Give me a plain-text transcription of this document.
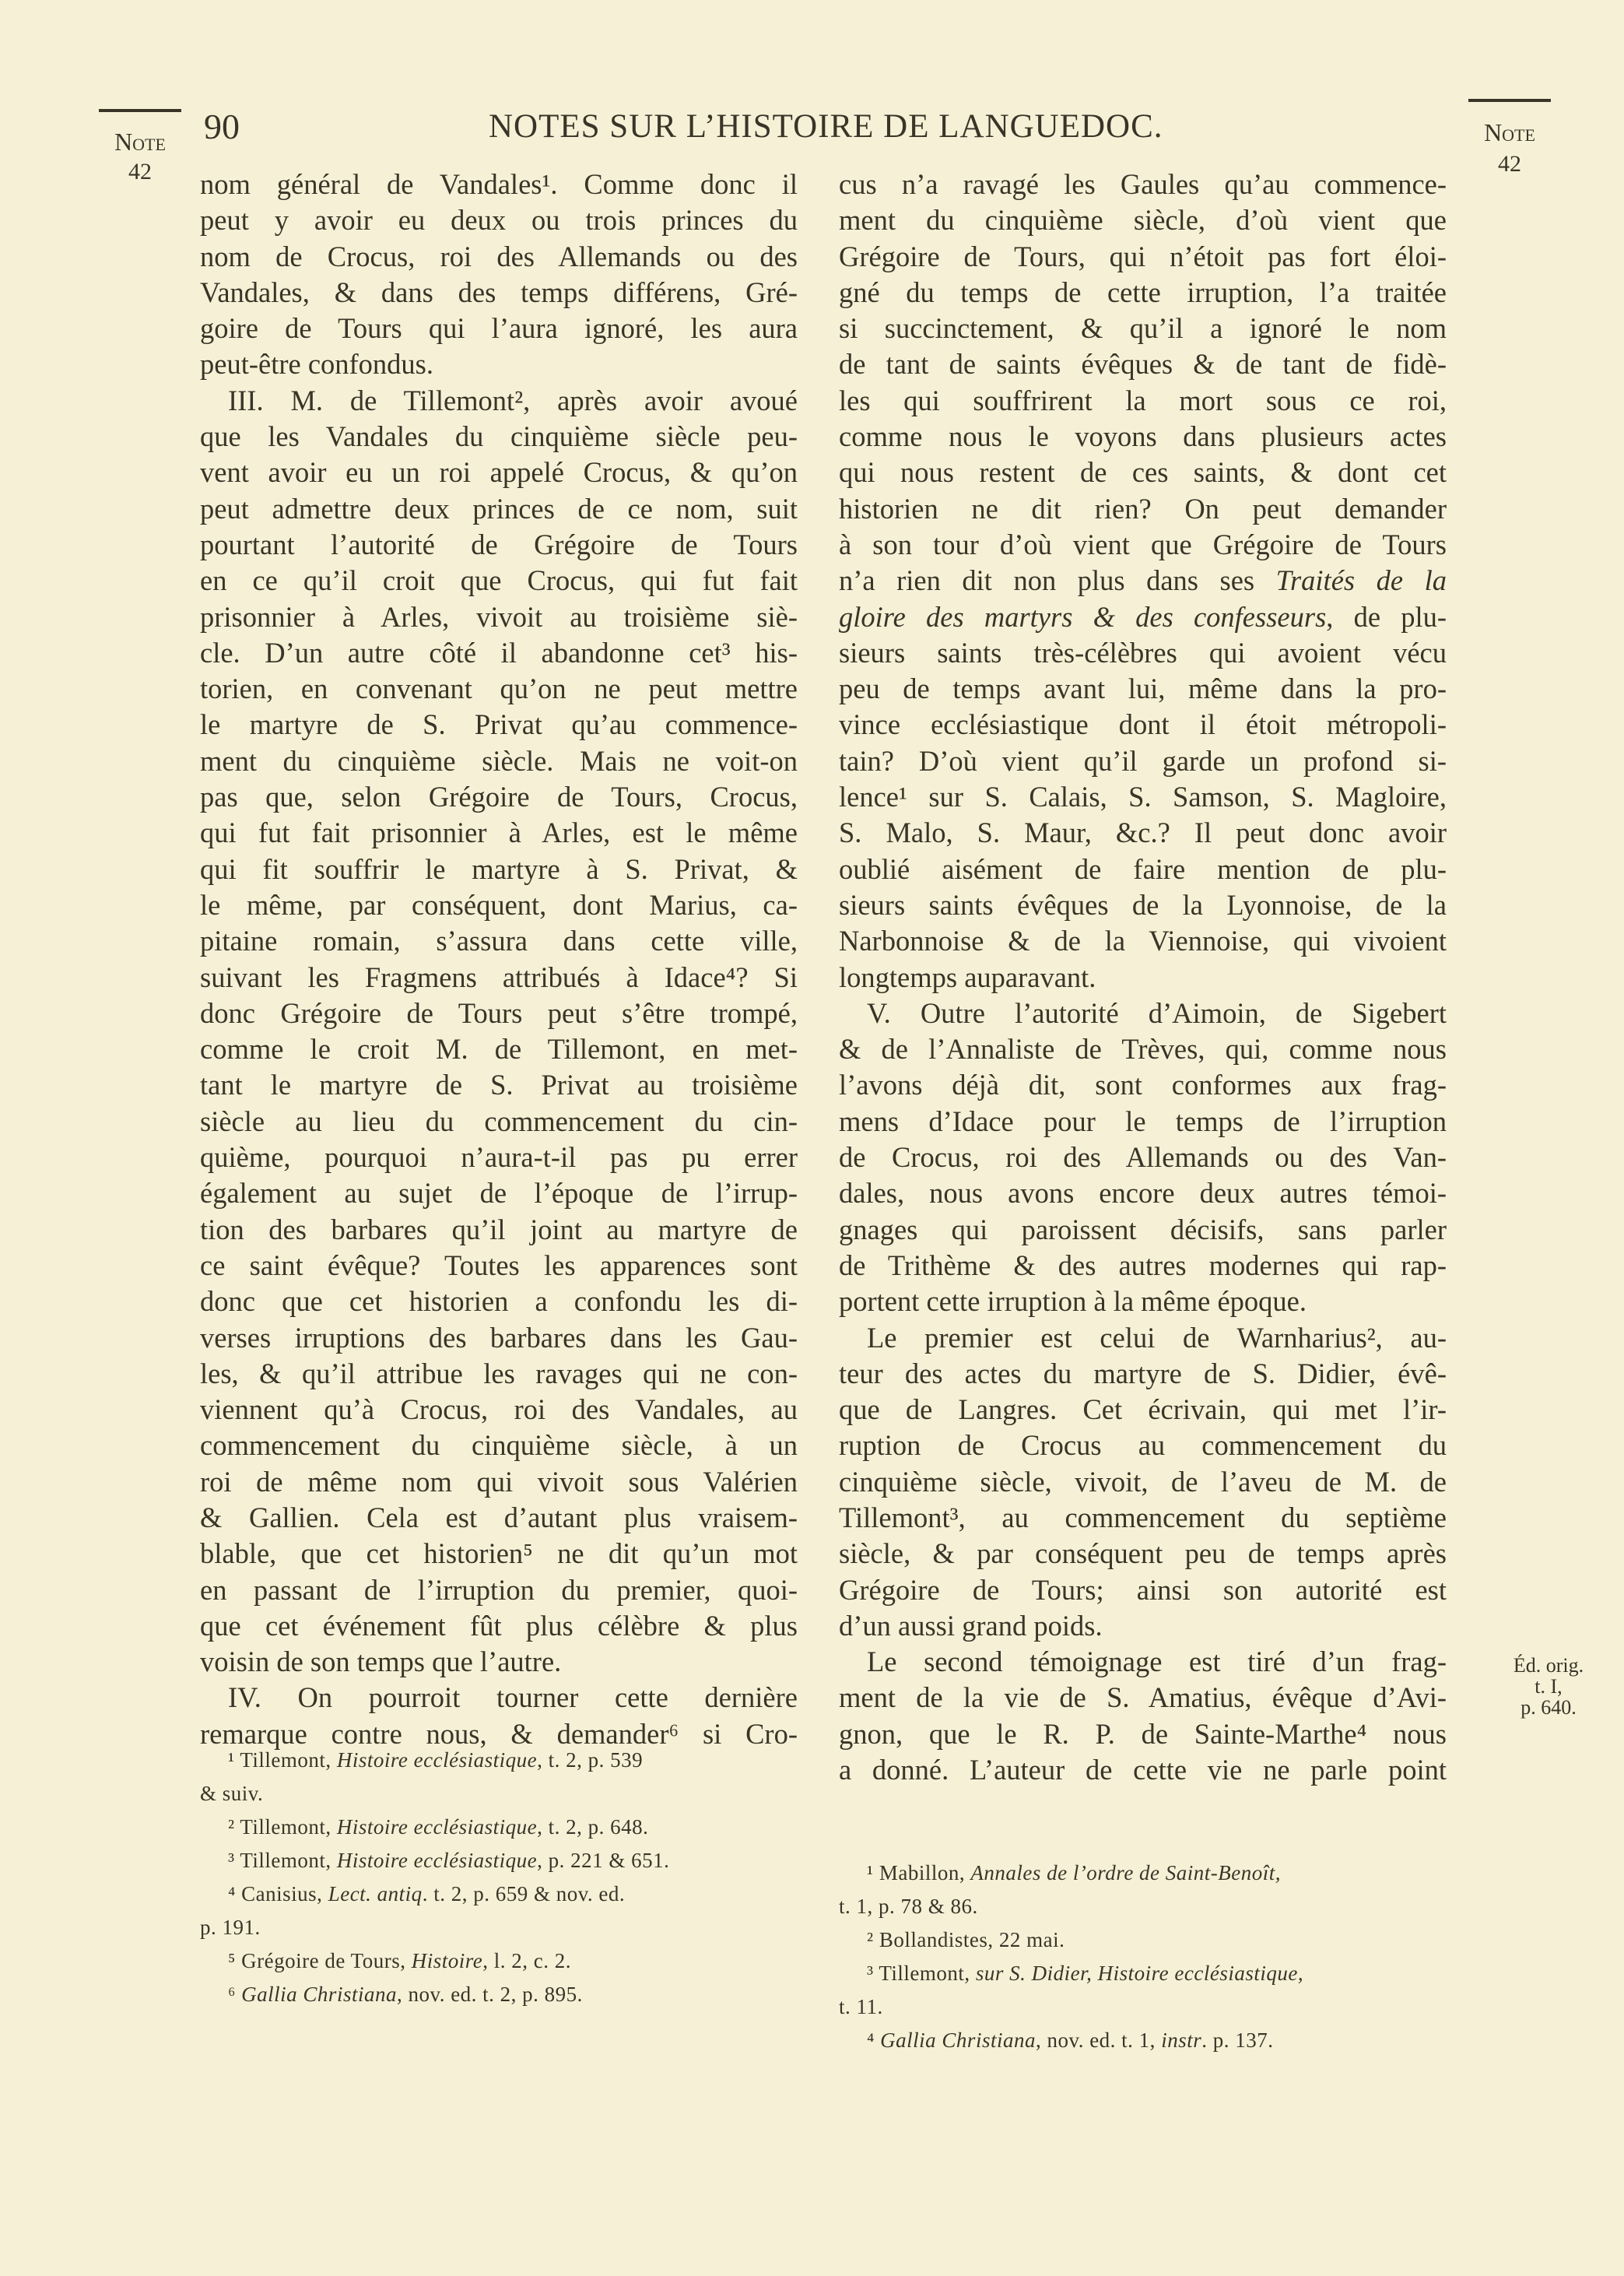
Note
42
90	NOTES SUR L’HISTOIRE DE LANGUEDOC.	Note
42
Éd. orig.
t. I,
p. 640.
nom général de Vandales¹. Comme donc il
peut y avoir eu deux ou trois princes du
nom de Crocus, roi des Allemands ou des
Vandales, & dans des temps différens, Gré-
goire de Tours qui l’aura ignoré, les aura
peut-être confondus.
III. M. de Tillemont², après avoir avoué
que les Vandales du cinquième siècle peu-
vent avoir eu un roi appelé Crocus, & qu’on
peut admettre deux princes de ce nom, suit
pourtant l’autorité de Grégoire de Tours
en ce qu’il croit que Crocus, qui fut fait
prisonnier à Arles, vivoit au troisième siè-
cle. D’un autre côté il abandonne cet³ his-
torien, en convenant qu’on ne peut mettre
le martyre de S. Privat qu’au commence-
ment du cinquième siècle. Mais ne voit-on
pas que, selon Grégoire de Tours, Crocus,
qui fut fait prisonnier à Arles, est le même
qui fit souffrir le martyre à S. Privat, &
le même, par conséquent, dont Marius, ca-
pitaine romain, s’assura dans cette ville,
suivant les Fragmens attribués à Idace⁴? Si
donc Grégoire de Tours peut s’être trompé,
comme le croit M. de Tillemont, en met-
tant le martyre de S. Privat au troisième
siècle au lieu du commencement du cin-
quième, pourquoi n’aura-t-il pas pu errer
également au sujet de l’époque de l’irrup-
tion des barbares qu’il joint au martyre de
ce saint évêque? Toutes les apparences sont
donc que cet historien a confondu les di-
verses irruptions des barbares dans les Gau-
les, & qu’il attribue les ravages qui ne con-
viennent qu’à Crocus, roi des Vandales, au
commencement du cinquième siècle, à un
roi de même nom qui vivoit sous Valérien
& Gallien. Cela est d’autant plus vraisem-
blable, que cet historien⁵ ne dit qu’un mot
en passant de l’irruption du premier, quoi-
que cet événement fût plus célèbre & plus
voisin de son temps que l’autre.
IV. On pourroit tourner cette dernière
remarque contre nous, & demander⁶ si Cro-
cus n’a ravagé les Gaules qu’au commence-
ment du cinquième siècle, d’où vient que
Grégoire de Tours, qui n’étoit pas fort éloi-
gné du temps de cette irruption, l’a traitée
si succinctement, & qu’il a ignoré le nom
de tant de saints évêques & de tant de fidè-
les qui souffrirent la mort sous ce roi,
comme nous le voyons dans plusieurs actes
qui nous restent de ces saints, & dont cet
historien ne dit rien? On peut demander
à son tour d’où vient que Grégoire de Tours
n’a rien dit non plus dans ses Traités de la
gloire des martyrs & des confesseurs, de plu-
sieurs saints très-célèbres qui avoient vécu
peu de temps avant lui, même dans la pro-
vince ecclésiastique dont il étoit métropoli-
tain? D’où vient qu’il garde un profond si-
lence¹ sur S. Calais, S. Samson, S. Magloire,
S. Malo, S. Maur, &c.? Il peut donc avoir
oublié aisément de faire mention de plu-
sieurs saints évêques de la Lyonnoise, de la
Narbonnoise & de la Viennoise, qui vivoient
longtemps auparavant.
V. Outre l’autorité d’Aimoin, de Sigebert
& de l’Annaliste de Trèves, qui, comme nous
l’avons déjà dit, sont conformes aux frag-
mens d’Idace pour le temps de l’irruption
de Crocus, roi des Allemands ou des Van-
dales, nous avons encore deux autres témoi-
gnages qui paroissent décisifs, sans parler
de Trithème & des autres modernes qui rap-
portent cette irruption à la même époque.
Le premier est celui de Warnharius², au-
teur des actes du martyre de S. Didier, évê-
que de Langres. Cet écrivain, qui met l’ir-
ruption de Crocus au commencement du
cinquième siècle, vivoit, de l’aveu de M. de
Tillemont³, au commencement du septième
siècle, & par conséquent peu de temps après
Grégoire de Tours; ainsi son autorité est
d’un aussi grand poids.
Le second témoignage est tiré d’un frag-
ment de la vie de S. Amatius, évêque d’Avi-
gnon, que le R. P. de Sainte-Marthe⁴ nous
a donné. L’auteur de cette vie ne parle point
¹ Tillemont, Histoire ecclésiastique, t. 2, p. 539
& suiv.
² Tillemont, Histoire ecclésiastique, t. 2, p. 648.
³ Tillemont, Histoire ecclésiastique, p. 221 & 651.
⁴ Canisius, Lect. antiq. t. 2, p. 659 & nov. ed.
p. 191.
⁵ Grégoire de Tours, Histoire, l. 2, c. 2.
⁶ Gallia Christiana, nov. ed. t. 2, p. 895.
¹ Mabillon, Annales de l’ordre de Saint-Benoît,
t. 1, p. 78 & 86.
² Bollandistes, 22 mai.
³ Tillemont, sur S. Didier, Histoire ecclésiastique,
t. 11.
⁴ Gallia Christiana, nov. ed. t. 1, instr. p. 137.
